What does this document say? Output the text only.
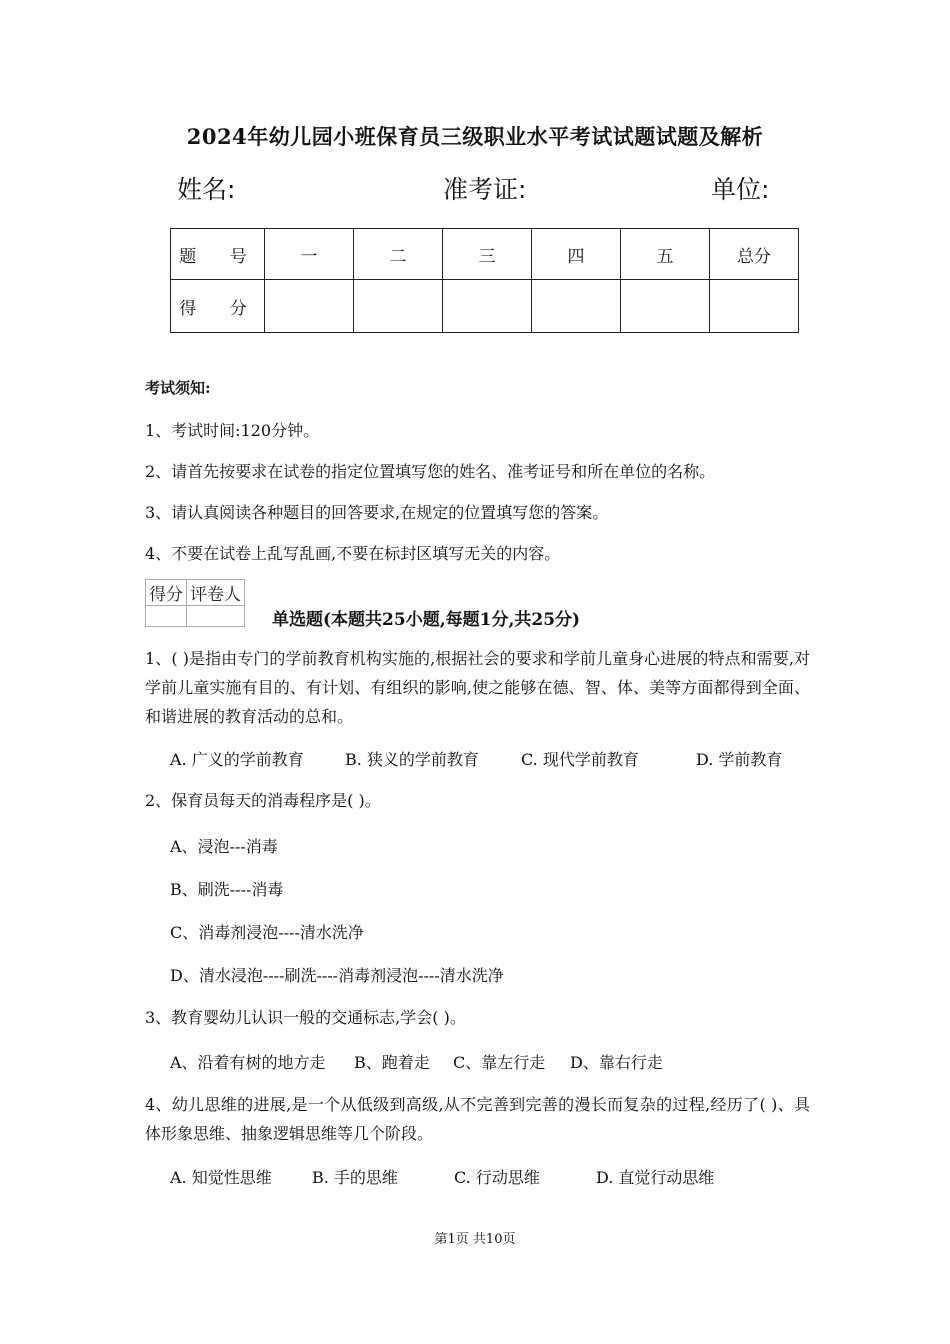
2024年幼儿园小班保育员三级职业水平考试试题试题及解析
姓名:	准考证:	单位:
题 号	一	二	三	四	五	总分
得 分						
考试须知:
1、考试时间:120分钟。
2、请首先按要求在试卷的指定位置填写您的姓名、准考证号和所在单位的名称。
3、请认真阅读各种题目的回答要求,在规定的位置填写您的答案。
4、不要在试卷上乱写乱画,不要在标封区填写无关的内容。
得分	评卷人

单选题(本题共25小题,每题1分,共25分)
1、( )是指由专门的学前教育机构实施的,根据社会的要求和学前儿童身心进展的特点和需要,对学前儿童实施有目的、有计划、有组织的影响,使之能够在德、智、体、美等方面都得到全面、和谐进展的教育活动的总和。
A. 广义的学前教育	B. 狭义的学前教育	C. 现代学前教育	D. 学前教育
2、保育员每天的消毒程序是( )。
A、浸泡---消毒
B、刷洗----消毒
C、消毒剂浸泡----清水洗净
D、清水浸泡----刷洗----消毒剂浸泡----清水洗净
3、教育婴幼儿认识一般的交通标志,学会( )。
A、沿着有树的地方走 B、跑着走 C、靠左行走 D、靠右行走
4、幼儿思维的进展,是一个从低级到高级,从不完善到完善的漫长而复杂的过程,经历了( )、具体形象思维、抽象逻辑思维等几个阶段。
A. 知觉性思维	B. 手的思维	C. 行动思维	D. 直觉行动思维
第1页 共10页
